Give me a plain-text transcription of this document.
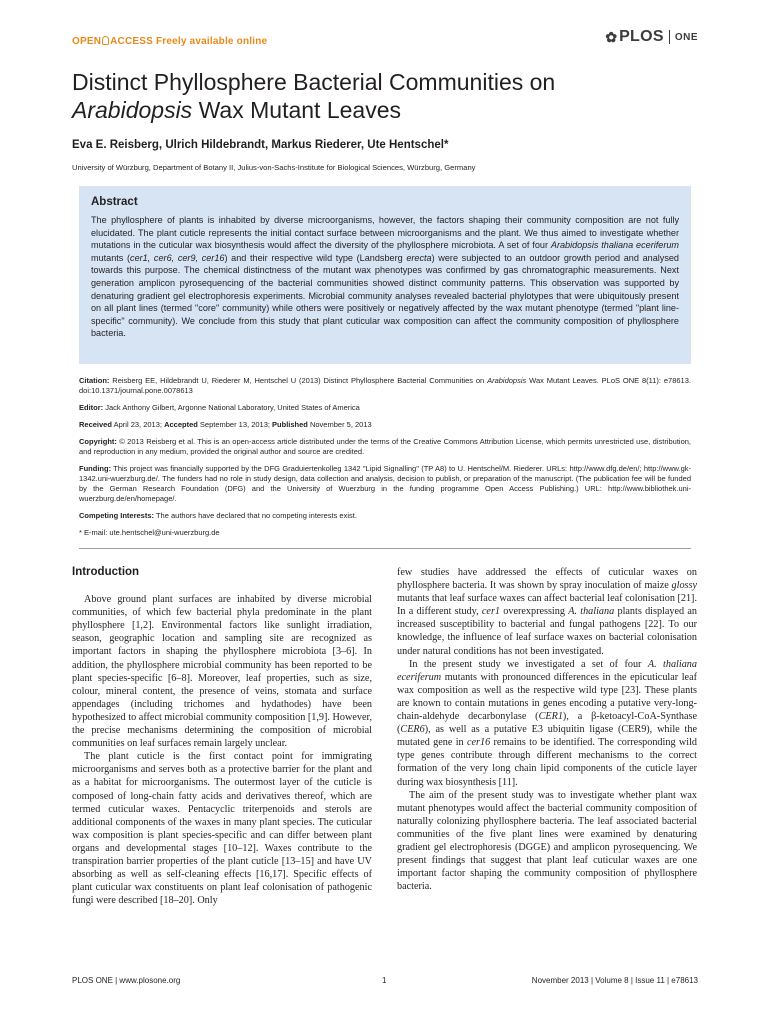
OPEN ACCESS Freely available online	✿ PLOS ONE
Distinct Phyllosphere Bacterial Communities on
Arabidopsis Wax Mutant Leaves
Eva E. Reisberg, Ulrich Hildebrandt, Markus Riederer, Ute Hentschel*
University of Würzburg, Department of Botany II, Julius-von-Sachs-Institute for Biological Sciences, Würzburg, Germany
Abstract

The phyllosphere of plants is inhabited by diverse microorganisms, however, the factors shaping their community composition are not fully elucidated. The plant cuticle represents the initial contact surface between microorganisms and the plant. We thus aimed to investigate whether mutations in the cuticular wax biosynthesis would affect the diversity of the phyllosphere microbiota. A set of four Arabidopsis thaliana eceriferum mutants (cer1, cer6, cer9, cer16) and their respective wild type (Landsberg erecta) were subjected to an outdoor growth period and analysed towards this purpose. The chemical distinctness of the mutant wax phenotypes was confirmed by gas chromatographic measurements. Next generation amplicon pyrosequencing of the bacterial communities showed distinct community patterns. This observation was supported by denaturing gradient gel electrophoresis experiments. Microbial community analyses revealed bacterial phylotypes that were ubiquitously present on all plant lines (termed "core" community) while others were positively or negatively affected by the wax mutant phenotype (termed "plant line-specific" community). We conclude from this study that plant cuticular wax composition can affect the community composition of phyllosphere bacteria.

Citation: Reisberg EE, Hildebrandt U, Riederer M, Hentschel U (2013) Distinct Phyllosphere Bacterial Communities on Arabidopsis Wax Mutant Leaves. PLoS ONE 8(11): e78613. doi:10.1371/journal.pone.0078613

Editor: Jack Anthony Gilbert, Argonne National Laboratory, United States of America

Received April 23, 2013; Accepted September 13, 2013; Published November 5, 2013

Copyright: © 2013 Reisberg et al. This is an open-access article distributed under the terms of the Creative Commons Attribution License, which permits unrestricted use, distribution, and reproduction in any medium, provided the original author and source are credited.

Funding: This project was financially supported by the DFG Graduiertenkolleg 1342 "Lipid Signalling" (TP A8) to U. Hentschel/M. Riederer. URLs: http://www.dfg.de/en/; http://www.gk-1342.uni-wuerzburg.de/. The funders had no role in study design, data collection and analysis, decision to publish, or preparation of the manuscript. (The publication fee will be funded by the German Research Foundation (DFG) and the University of Wuerzburg in the funding programme Open Access Publishing.) URL: http://www.bibliothek.uni-wuerzburg.de/en/homepage/.

Competing Interests: The authors have declared that no competing interests exist.

* E-mail: ute.hentschel@uni-wuerzburg.de

Introduction

Above ground plant surfaces are inhabited by diverse microbial communities, of which few bacterial phyla predominate in the plant phyllosphere [1,2]. Environmental factors like sunlight irradiation, season, geographic location and sampling site are recognized as important factors in shaping the phyllosphere microbiota [3–6]. In addition, the phyllosphere microbial community has been reported to be plant species-specific [6–8]. Moreover, leaf properties, such as size, colour, mineral content, the presence of veins, stomata and surface appendages (including trichomes and hydathodes) have been hypothesized to affect microbial community composition [1,9]. However, the precise mechanisms determining the composition of microbial communities on leaf surfaces remain largely unclear.

The plant cuticle is the first contact point for immigrating microorganisms and serves both as a protective barrier for the plant and as a habitat for microorganisms. The outermost layer of the cuticle is composed of long-chain fatty acids and derivatives thereof, which are termed cuticular waxes. Pentacyclic triterpenoids and sterols are additional components of the waxes in many plant species. The cuticular wax composition is plant species-specific and can differ between plant organs and developmental stages [10–12]. Waxes contribute to the transpiration barrier properties of the plant cuticle [13–15] and have UV absorbing as well as self-cleaning effects [16,17]. Specific effects of plant cuticular wax constituents on plant leaf colonisation of pathogenic fungi were described [18–20]. Only

few studies have addressed the effects of cuticular waxes on phyllosphere bacteria. It was shown by spray inoculation of maize glossy mutants that leaf surface waxes can affect bacterial leaf colonisation [21]. In a different study, cer1 overexpressing A. thaliana plants displayed an increased susceptibility to bacterial and fungal pathogens [22]. To our knowledge, the influence of leaf surface waxes on bacterial colonisation under natural conditions has not been investigated.

In the present study we investigated a set of four A. thaliana eceriferum mutants with pronounced differences in the epicuticular leaf wax composition as well as the respective wild type [23]. These plants are known to contain mutations in genes encoding a putative very-long-chain-aldehyde decarbonylase (CER1), a β-ketoacyl-CoA-Synthase (CER6), as well as a putative E3 ubiquitin ligase (CER9), while the mutated gene in cer16 remains to be identified. The corresponding wild type genes contribute through different mechanisms to the correct formation of the very long chain lipid components of the cuticle layer during wax biosynthesis [11].

The aim of the present study was to investigate whether plant wax mutant phenotypes would affect the bacterial community composition of naturally colonizing phyllosphere bacteria. The leaf associated bacterial communities of the five plant lines were examined by denaturing gradient gel electrophoresis (DGGE) and amplicon pyrosequencing. We present findings that suggest that plant leaf cuticular waxes are one important factor shaping the community composition of phyllosphere bacteria.

PLOS ONE | www.plosone.org	1	November 2013 | Volume 8 | Issue 11 | e78613
